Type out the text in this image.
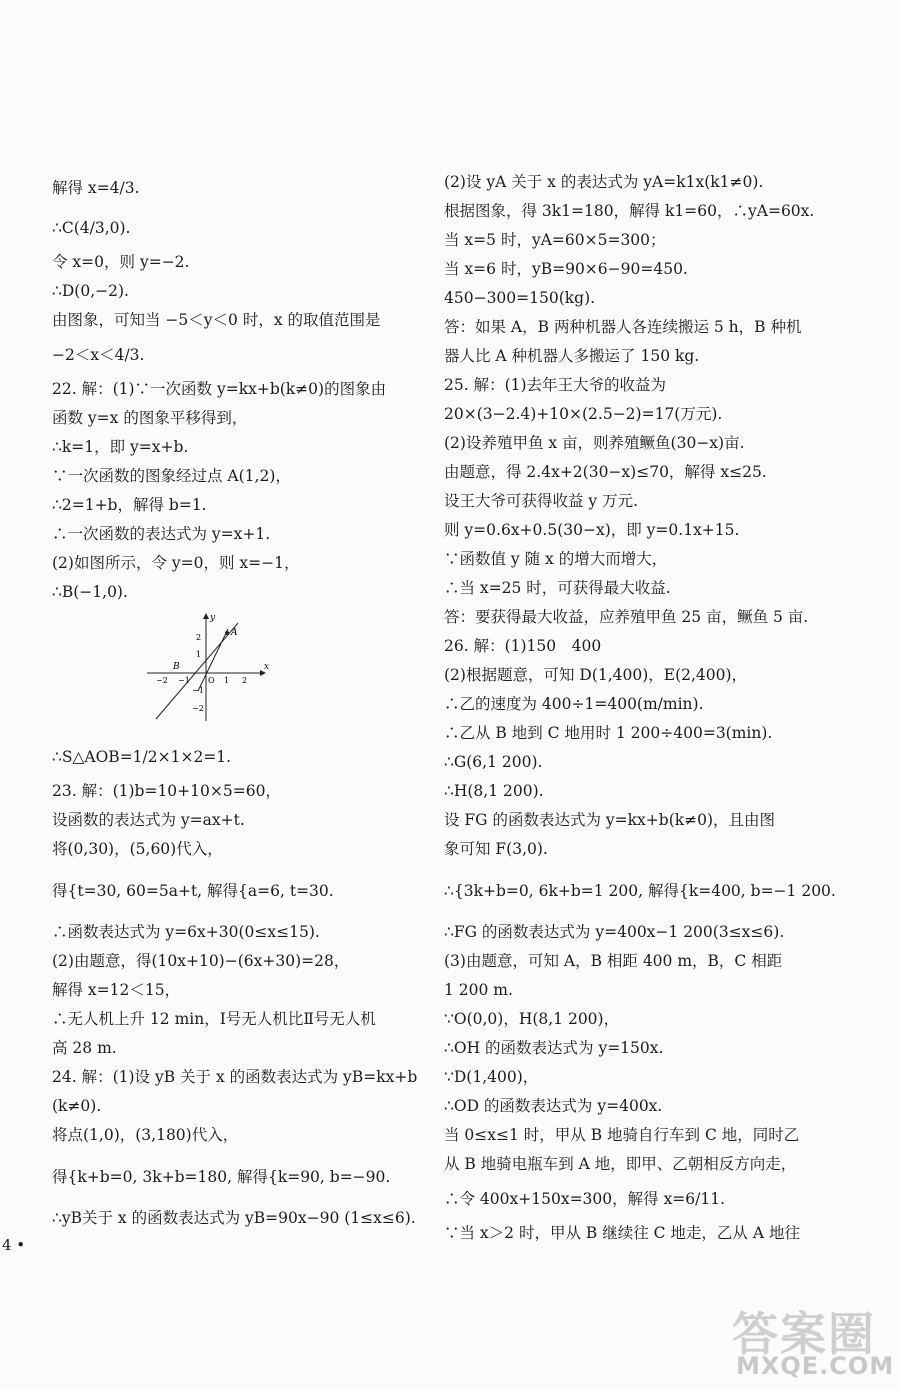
解得 x=4/3.
∴C(4/3,0).
令 x=0，则 y=−2.
∴D(0,−2).
由图象，可知当 −5＜y＜0 时，x 的取值范围是
−2＜x＜4/3.
22. 解：(1)∵一次函数 y=kx+b(k≠0)的图象由
函数 y=x 的图象平移得到，
∴k=1，即 y=x+b.
∵一次函数的图象经过点 A(1,2)，
∴2=1+b，解得 b=1.
∴一次函数的表达式为 y=x+1.
(2)如图所示，令 y=0，则 x=−1，
∴B(−1,0).
A
B
O
x
y
−2 −1	1 2
2
1
−1
−2
∴S△AOB=1/2×1×2=1.
23. 解：(1)b=10+10×5=60，
设函数的表达式为 y=ax+t.
将(0,30)，(5,60)代入，
得{t=30, 60=5a+t, 解得{a=6, t=30.
∴函数表达式为 y=6x+30(0≤x≤15).
(2)由题意，得(10x+10)−(6x+30)=28，
解得 x=12＜15，
∴无人机上升 12 min，Ⅰ号无人机比Ⅱ号无人机
高 28 m.
24. 解：(1)设 yB 关于 x 的函数表达式为 yB=kx+b
(k≠0).
将点(1,0)，(3,180)代入，
得{k+b=0, 3k+b=180, 解得{k=90, b=−90.
∴yB关于 x 的函数表达式为 yB=90x−90 (1≤x≤6).
(2)设 yA 关于 x 的表达式为 yA=k1x(k1≠0).
根据图象，得 3k1=180，解得 k1=60，∴yA=60x.
当 x=5 时，yA=60×5=300；
当 x=6 时，yB=90×6−90=450.
450−300=150(kg).
答：如果 A，B 两种机器人各连续搬运 5 h，B 种机
器人比 A 种机器人多搬运了 150 kg.
25. 解：(1)去年王大爷的收益为
20×(3−2.4)+10×(2.5−2)=17(万元).
(2)设养殖甲鱼 x 亩，则养殖鳜鱼(30−x)亩.
由题意，得 2.4x+2(30−x)≤70，解得 x≤25.
设王大爷可获得收益 y 万元.
则 y=0.6x+0.5(30−x)，即 y=0.1x+15.
∵函数值 y 随 x 的增大而增大，
∴当 x=25 时，可获得最大收益.
答：要获得最大收益，应养殖甲鱼 25 亩，鳜鱼 5 亩.
26. 解：(1)150　400
(2)根据题意，可知 D(1,400)，E(2,400)，
∴乙的速度为 400÷1=400(m/min).
∴乙从 B 地到 C 地用时 1 200÷400=3(min).
∴G(6,1 200).
∴H(8,1 200).
设 FG 的函数表达式为 y=kx+b(k≠0)，且由图
象可知 F(3,0).
∴{3k+b=0, 6k+b=1 200, 解得{k=400, b=−1 200.
∴FG 的函数表达式为 y=400x−1 200(3≤x≤6).
(3)由题意，可知 A，B 相距 400 m，B，C 相距
1 200 m.
∵O(0,0)，H(8,1 200)，
∴OH 的函数表达式为 y=150x.
∵D(1,400)，
∴OD 的函数表达式为 y=400x.
当 0≤x≤1 时，甲从 B 地骑自行车到 C 地，同时乙
从 B 地骑电瓶车到 A 地，即甲、乙朝相反方向走，
∴令 400x+150x=300，解得 x=6/11.
∵当 x＞2 时，甲从 B 继续往 C 地走，乙从 A 地往
4 •
答案圈
MXQE.COM
